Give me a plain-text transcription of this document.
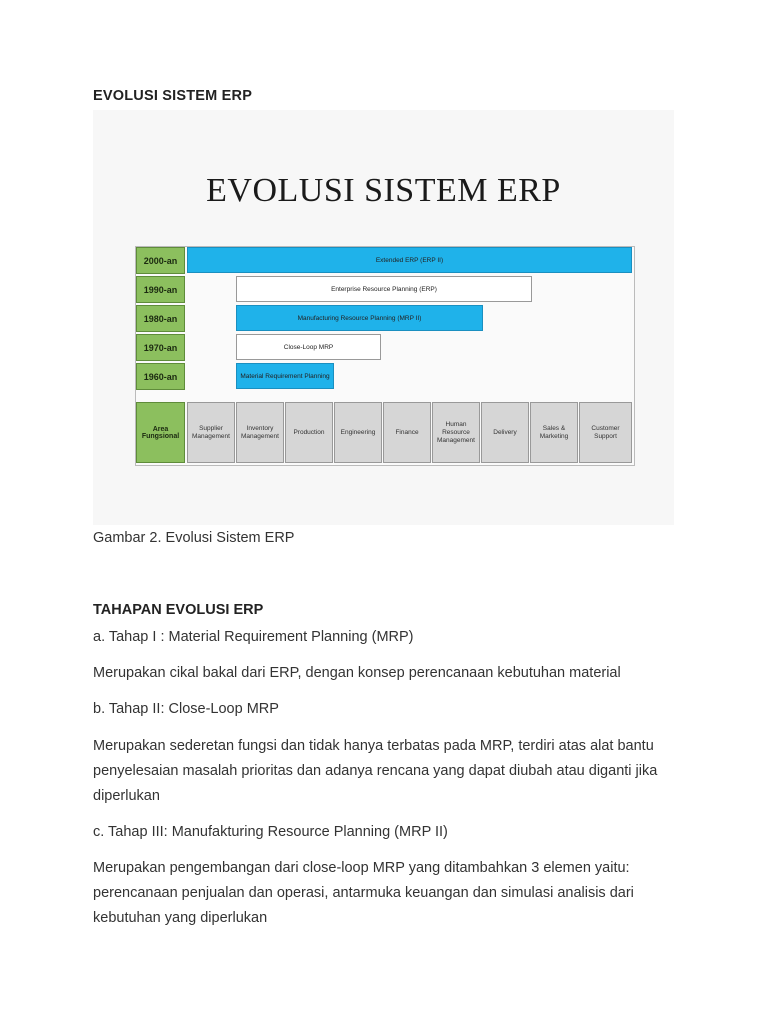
EVOLUSI SISTEM ERP
EVOLUSI SISTEM ERP
2000-an
1990-an
1980-an
1970-an
1960-an
Extended ERP (ERP II)
Enterprise Resource Planning (ERP)
Manufacturing Resource Planning (MRP II)
Close-Loop MRP
Material Requirement Planning
Area Fungsional
Supplier Management
Inventory Management
Production	Engineering	Finance
Human Resource Management
Delivery
Sales & Marketing
Customer Support
Gambar 2. Evolusi Sistem ERP
TAHAPAN EVOLUSI ERP
a. Tahap I : Material Requirement Planning (MRP)
Merupakan cikal bakal dari ERP, dengan konsep perencanaan kebutuhan material
b. Tahap II: Close-Loop MRP
Merupakan sederetan fungsi dan tidak hanya terbatas pada MRP, terdiri atas alat bantu penyelesaian masalah prioritas dan adanya rencana yang dapat diubah atau diganti jika diperlukan
c. Tahap III: Manufakturing Resource Planning (MRP II)
Merupakan pengembangan dari close-loop MRP yang ditambahkan 3 elemen yaitu: perencanaan penjualan dan operasi, antarmuka keuangan dan simulasi analisis dari kebutuhan yang diperlukan
